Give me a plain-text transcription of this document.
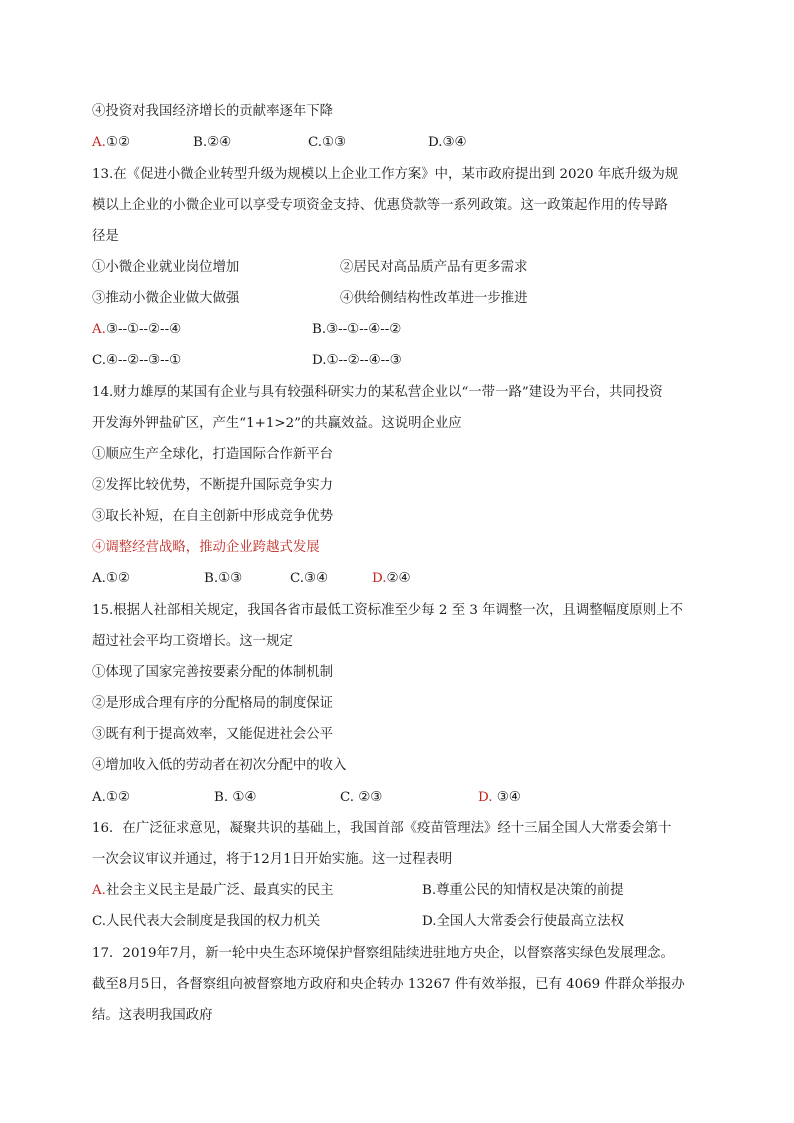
④投资对我国经济增长的贡献率逐年下降
A.①②	B.②④	C.①③	D.③④
13.在《促进小微企业转型升级为规模以上企业工作方案》中，某市政府提出到 2020 年底升级为规
模以上企业的小微企业可以享受专项资金支持、优惠贷款等一系列政策。这一政策起作用的传导路
径是
①小微企业就业岗位增加	②居民对高品质产品有更多需求
③推动小微企业做大做强	④供给侧结构性改革进一步推进
A.③--①--②--④	B.③--①--④--②
C.④--②--③--①	D.①--②--④--③
14.财力雄厚的某国有企业与具有较强科研实力的某私营企业以“一带一路”建设为平台，共同投资
开发海外钾盐矿区，产生“1+1>2”的共赢效益。这说明企业应
①顺应生产全球化，打造国际合作新平台
②发挥比较优势，不断提升国际竞争实力
③取长补短，在自主创新中形成竞争优势
④调整经营战略，推动企业跨越式发展
A.①②	B.①③	C.③④	D.②④
15.根据人社部相关规定，我国各省市最低工资标准至少每 2 至 3 年调整一次，且调整幅度原则上不
超过社会平均工资增长。这一规定
①体现了国家完善按要素分配的体制机制
②是形成合理有序的分配格局的制度保证
③既有利于提高效率，又能促进社会公平
④增加收入低的劳动者在初次分配中的收入
A.①②	B. ①④	C. ②③	D. ③④
16．在广泛征求意见，凝聚共识的基础上，我国首部《疫苗管理法》经十三届全国人大常委会第十
一次会议审议并通过，将于12月1日开始实施。这一过程表明
A.社会主义民主是最广泛、最真实的民主	B.尊重公民的知情权是决策的前提
C.人民代表大会制度是我国的权力机关	D.全国人大常委会行使最高立法权
17．2019年7月，新一轮中央生态环境保护督察组陆续进驻地方央企，以督察落实绿色发展理念。
截至8月5日，各督察组向被督察地方政府和央企转办 13267 件有效举报，已有 4069 件群众举报办
结。这表明我国政府
